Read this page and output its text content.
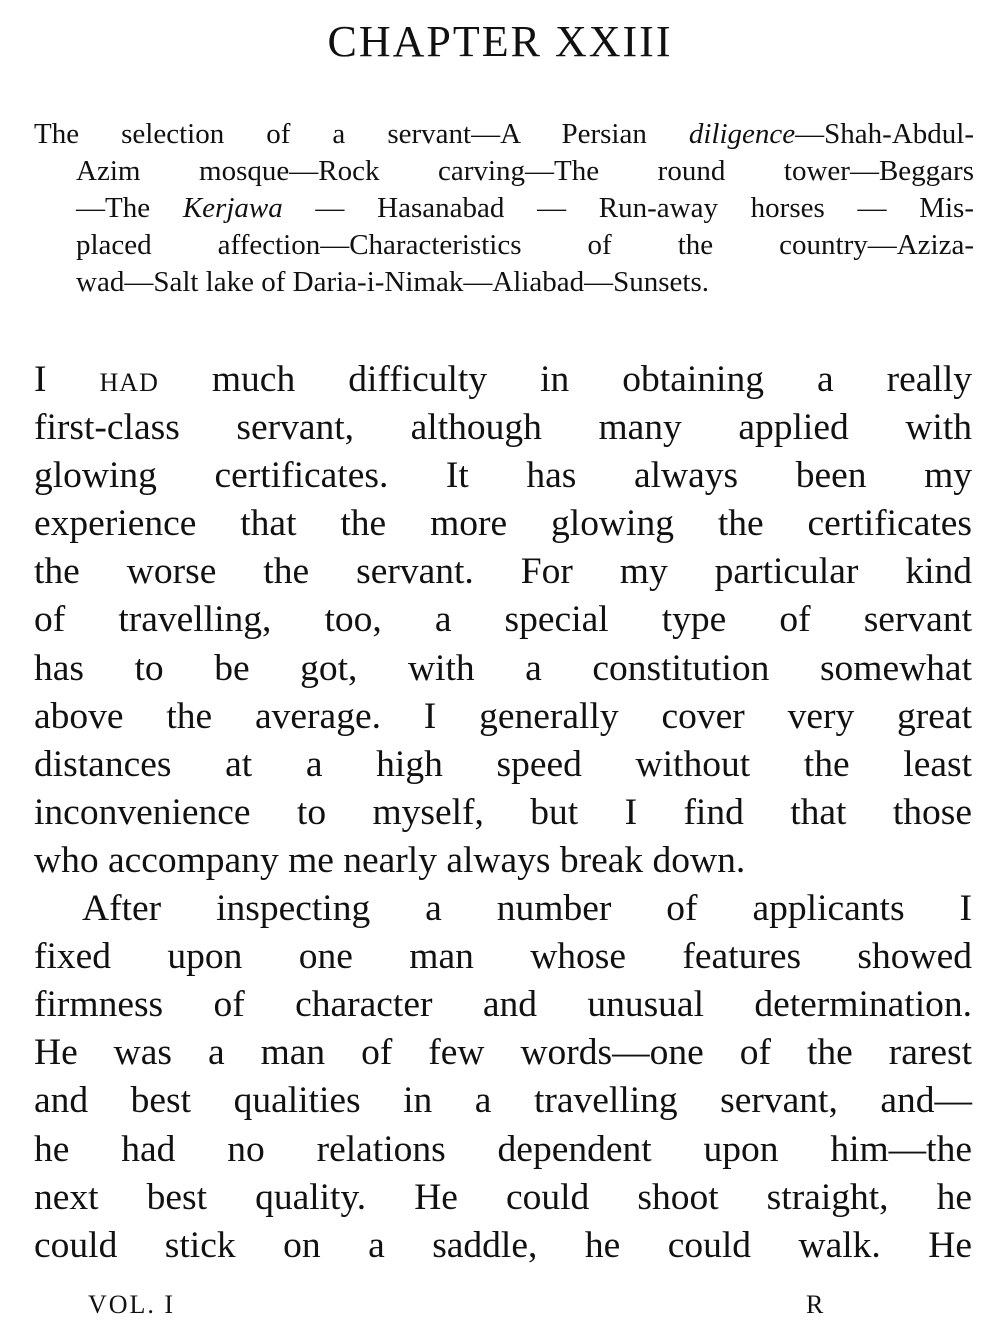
CHAPTER XXIII
The selection of a servant—A Persian diligence—Shah-Abdul-
Azim mosque—Rock carving—The round tower—Beggars
—The Kerjawa — Hasanabad — Run-away horses — Mis-
placed affection—Characteristics of the country—Aziza-
wad—Salt lake of Daria-i-Nimak—Aliabad—Sunsets.
I had much difficulty in obtaining a really
first-class servant, although many applied with
glowing certificates. It has always been my
experience that the more glowing the certificates
the worse the servant. For my particular kind
of travelling, too, a special type of servant
has to be got, with a constitution somewhat
above the average. I generally cover very great
distances at a high speed without the least
inconvenience to myself, but I find that those
who accompany me nearly always break down.
After inspecting a number of applicants I
fixed upon one man whose features showed
firmness of character and unusual determination.
He was a man of few words—one of the rarest
and best qualities in a travelling servant, and—
he had no relations dependent upon him—the
next best quality. He could shoot straight, he
could stick on a saddle, he could walk. He
VOL. I	R
